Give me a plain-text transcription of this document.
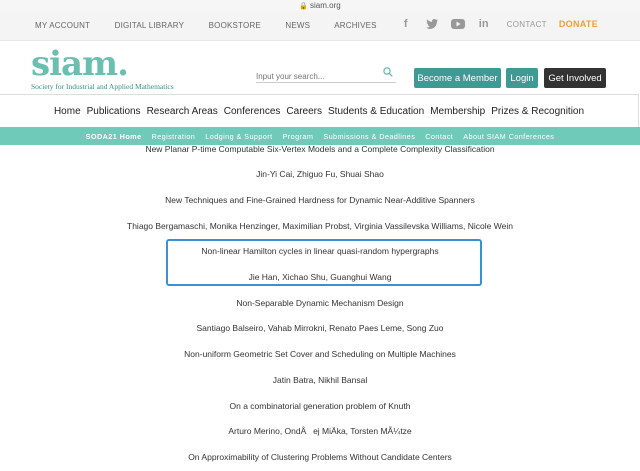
🔒 siam.org
MY ACCOUNT	DIGITAL LIBRARY	BOOKSTORE	NEWS	ARCHIVES	f	in CONTACT DONATE
siam.
Society for Industrial and Applied Mathematics
Input your search...
Become a Member	Login	Get Involved
Home Publications Research Areas Conferences Careers Students & Education Membership Prizes & Recognition
SODA21 Home Registration Lodging & Support Program Submissions & Deadlines Contact About SIAM Conferences
New Planar P-time Computable Six-Vertex Models and a Complete Complexity Classification
Jin-Yi Cai, Zhiguo Fu, Shuai Shao
New Techniques and Fine-Grained Hardness for Dynamic Near-Additive Spanners
Thiago Bergamaschi, Monika Henzinger, Maximilian Probst, Virginia Vassilevska Williams, Nicole Wein
Non-linear Hamilton cycles in linear quasi-random hypergraphs
Jie Han, Xichao Shu, Guanghui Wang
Non-Separable Dynamic Mechanism Design
Santiago Balseiro, Vahab Mirrokni, Renato Paes Leme, Song Zuo
Non-uniform Geometric Set Cover and Scheduling on Multiple Machines
Jatin Batra, Nikhil Bansal
On a combinatorial generation problem of Knuth
Arturo Merino, OndÅej MiÄka, Torsten MÃ¼tze
On Approximability of Clustering Problems Without Candidate Centers
